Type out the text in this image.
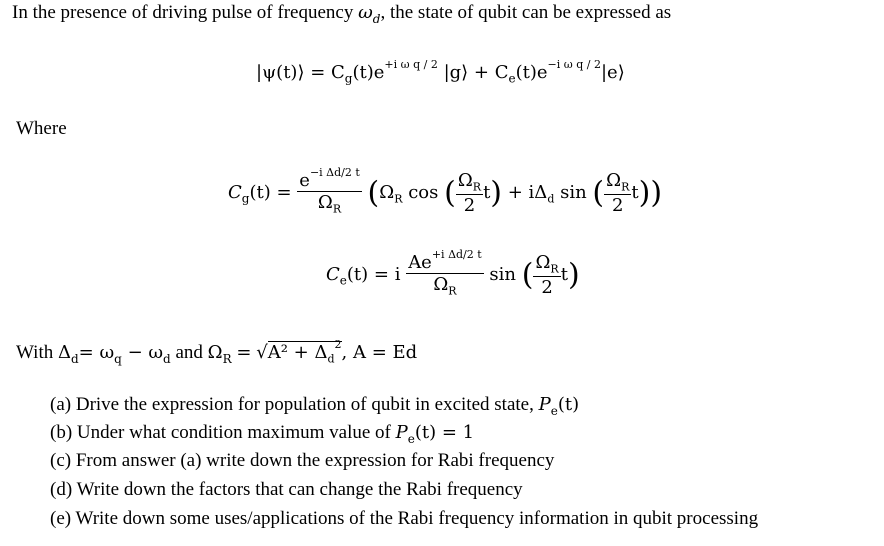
In the presence of driving pulse of frequency $\omega_d$, the state of qubit can be expressed as
|ψ(t)⟩ = $C_g(t)e^{+i \omega q / 2}$ |g⟩ + $C_e(t)e^{-i \omega q / 2}|e⟩$
Where
$C_g(t) = \frac{e^{-i \Delta d/2 t}}{\Omega_R} (\Omega_R$ cos ( $\frac{\Omega_R}{2} t) + i\Delta_d$ sin ( $\frac{\Omega_R}{2} t$))
$C_e(t) = i \frac{Ae^{+i \Delta d/2 t}}{\Omega_R}$ sin ( $\frac{\Omega_R}{2} t$)
With $\Delta_d= \omega_q - \omega_d$ and $\Omega_R = √A^2 + \Delta_d^2$, A = Ed
(a) Drive the expression for population of qubit in excited state, $P_e(t)$
(b) Under what condition maximum value of $P_e(t) = 1$
(c) From answer (a) write down the expression for Rabi frequency
(d) Write down the factors that can change the Rabi frequency
(e) Write down some uses/applications of the Rabi frequency information in qubit processing
